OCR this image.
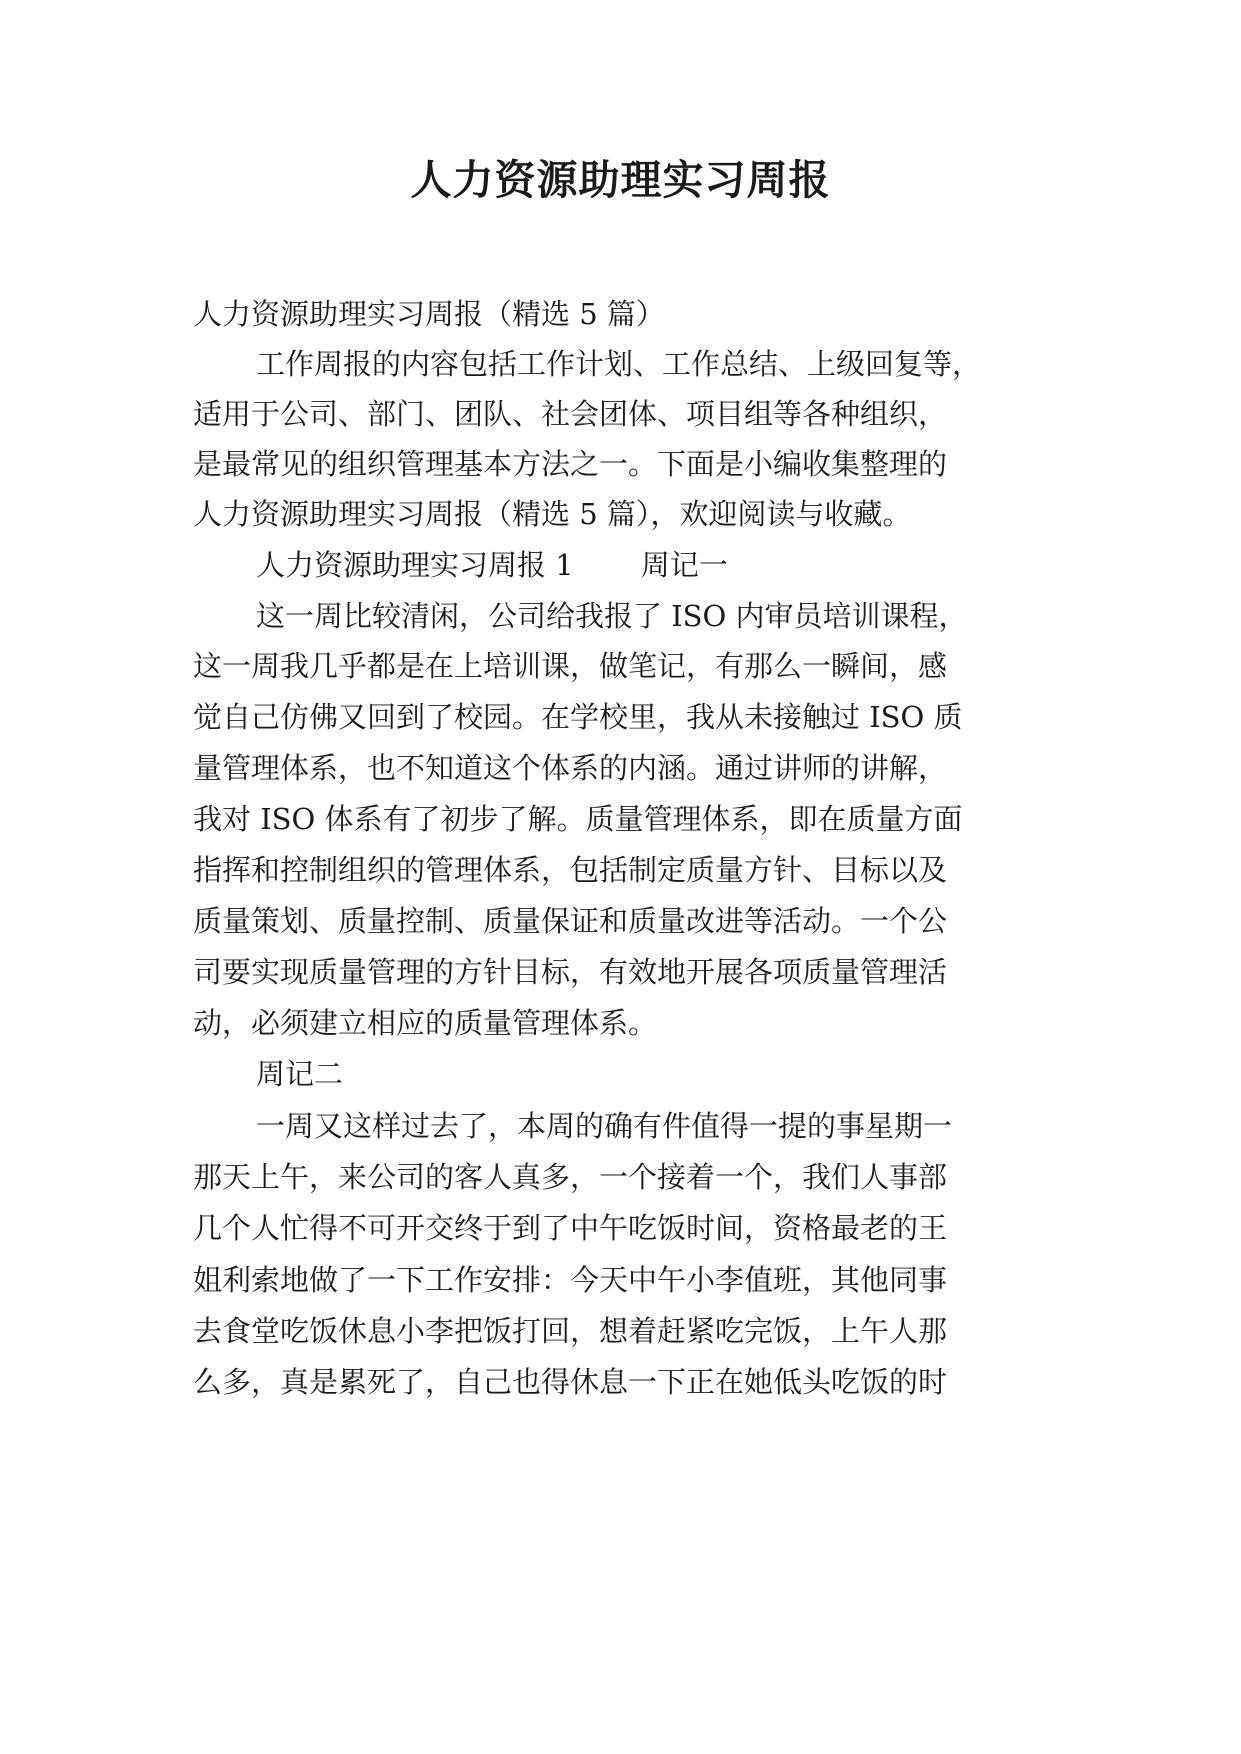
人力资源助理实习周报
人力资源助理实习周报（精选 5 篇）
工作周报的内容包括工作计划、工作总结、上级回复等，
适用于公司、部门、团队、社会团体、项目组等各种组织，
是最常见的组织管理基本方法之一。下面是小编收集整理的
人力资源助理实习周报（精选 5 篇），欢迎阅读与收藏。
人力资源助理实习周报 1　　 周记一
这一周比较清闲，公司给我报了 ISO 内审员培训课程，
这一周我几乎都是在上培训课，做笔记，有那么一瞬间，感
觉自己仿佛又回到了校园。在学校里，我从未接触过 ISO 质
量管理体系，也不知道这个体系的内涵。通过讲师的讲解，
我对 ISO 体系有了初步了解。质量管理体系，即在质量方面
指挥和控制组织的管理体系，包括制定质量方针、目标以及
质量策划、质量控制、质量保证和质量改进等活动。一个公
司要实现质量管理的方针目标，有效地开展各项质量管理活
动，必须建立相应的质量管理体系。
周记二
一周又这样过去了，本周的确有件值得一提的事星期一
那天上午，来公司的客人真多，一个接着一个，我们人事部
几个人忙得不可开交终于到了中午吃饭时间，资格最老的王
姐利索地做了一下工作安排：今天中午小李值班，其他同事
去食堂吃饭休息小李把饭打回，想着赶紧吃完饭，上午人那
么多，真是累死了，自己也得休息一下正在她低头吃饭的时
